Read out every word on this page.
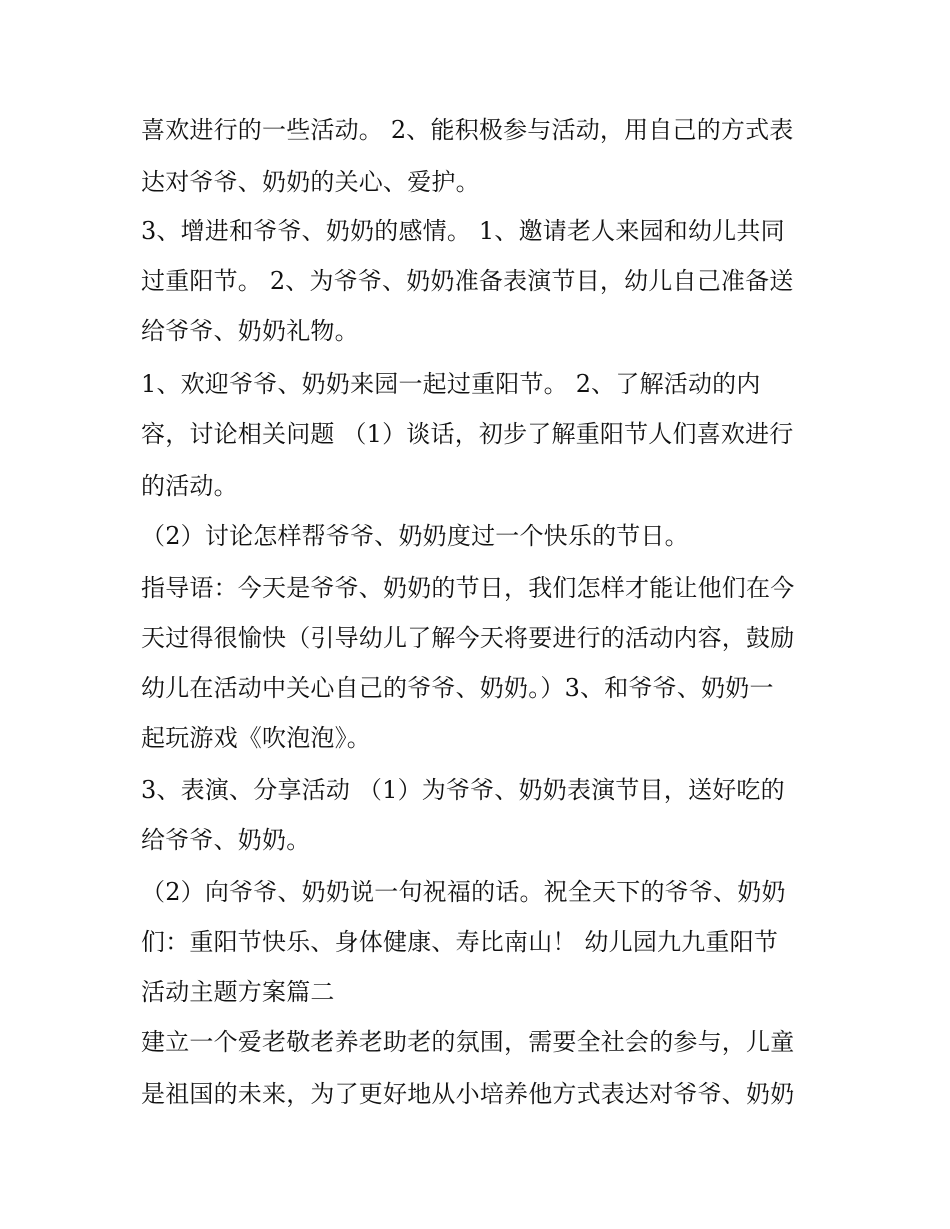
喜欢进行的一些活动。 2、能积极参与活动，用自己的方式表
达对爷爷、奶奶的关心、爱护。
3、增进和爷爷、奶奶的感情。 1、邀请老人来园和幼儿共同
过重阳节。 2、为爷爷、奶奶准备表演节目，幼儿自己准备送
给爷爷、奶奶礼物。
1、欢迎爷爷、奶奶来园一起过重阳节。 2、了解活动的内
容，讨论相关问题 （1）谈话，初步了解重阳节人们喜欢进行
的活动。
（2）讨论怎样帮爷爷、奶奶度过一个快乐的节日。
指导语：今天是爷爷、奶奶的节日，我们怎样才能让他们在今
天过得很愉快（引导幼儿了解今天将要进行的活动内容，鼓励
幼儿在活动中关心自己的爷爷、奶奶。）3、和爷爷、奶奶一
起玩游戏《吹泡泡》。
3、表演、分享活动 （1）为爷爷、奶奶表演节目，送好吃的
给爷爷、奶奶。
（2）向爷爷、奶奶说一句祝福的话。祝全天下的爷爷、奶奶
们：重阳节快乐、身体健康、寿比南山！ 幼儿园九九重阳节
活动主题方案篇二
建立一个爱老敬老养老助老的氛围，需要全社会的参与，儿童
是祖国的未来，为了更好地从小培养他方式表达对爷爷、奶奶
